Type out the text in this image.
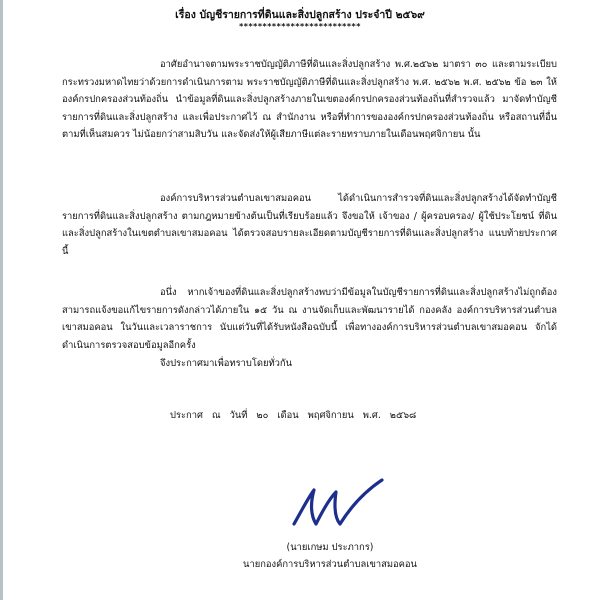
เรื่อง บัญชีรายการที่ดินและสิ่งปลูกสร้าง ประจำปี ๒๕๖๙
**************************
อาศัยอำนาจตามพระราชบัญญัติภาษีที่ดินและสิ่งปลูกสร้าง พ.ศ.๒๕๖๒ มาตรา ๓๐ และตามระเบียบกระทรวงมหาดไทยว่าด้วยการดำเนินการตาม พระราชบัญญัติภาษีที่ดินและสิ่งปลูกสร้าง พ.ศ. ๒๕๖๒ พ.ศ. ๒๕๖๒ ข้อ ๒๓ ให้องค์กรปกครองส่วนท้องถิ่น นำข้อมูลที่ดินและสิ่งปลูกสร้างภายในเขตองค์กรปกครองส่วนท้องถิ่นที่สำรวจแล้ว มาจัดทำบัญชีรายการที่ดินและสิ่งปลูกสร้าง และเพื่อประกาศไว้ ณ สำนักงาน หรือที่ทำการขององค์กรปกครองส่วนท้องถิ่น หรือสถานที่อื่นตามที่เห็นสมควร ไม่น้อยกว่าสามสิบวัน และจัดส่งให้ผู้เสียภาษีแต่ละรายทราบภายในเดือนพฤศจิกายน นั้น
องค์การบริหารส่วนตำบลเขาสมอคอน ได้ดำเนินการสำรวจที่ดินและสิ่งปลูกสร้างได้จัดทำบัญชีรายการที่ดินและสิ่งปลูกสร้าง ตามกฎหมายข้างต้นเป็นที่เรียบร้อยแล้ว จึงขอให้ เจ้าของ / ผู้ครอบครอง/ ผู้ใช้ประโยชน์ ที่ดินและสิ่งปลูกสร้างในเขตตำบลเขาสมอคอน ได้ตรวจสอบรายละเอียดตามบัญชีรายการที่ดินและสิ่งปลูกสร้าง แนบท้ายประกาศนี้
อนึ่ง หากเจ้าของที่ดินและสิ่งปลูกสร้างพบว่ามีข้อมูลในบัญชีรายการที่ดินและสิ่งปลูกสร้างไม่ถูกต้อง สามารถแจ้งขอแก้ไขรายการดังกล่าวได้ภายใน ๑๕ วัน ณ งานจัดเก็บและพัฒนารายได้ กองคลัง องค์การบริหารส่วนตำบลเขาสมอคอน ในวันและเวลาราชการ นับแต่วันที่ได้รับหนังสือฉบับนี้ เพื่อทางองค์การบริหารส่วนตำบลเขาสมอคอน จักได้ดำเนินการตรวจสอบข้อมูลอีกครั้ง
จึงประกาศมาเพื่อทราบโดยทั่วกัน
ประกาศ ณ วันที่ ๒๐ เดือน พฤศจิกายน พ.ศ. ๒๕๖๘
(นายเกษม ประภากร)
นายกองค์การบริหารส่วนตำบลเขาสมอคอน
